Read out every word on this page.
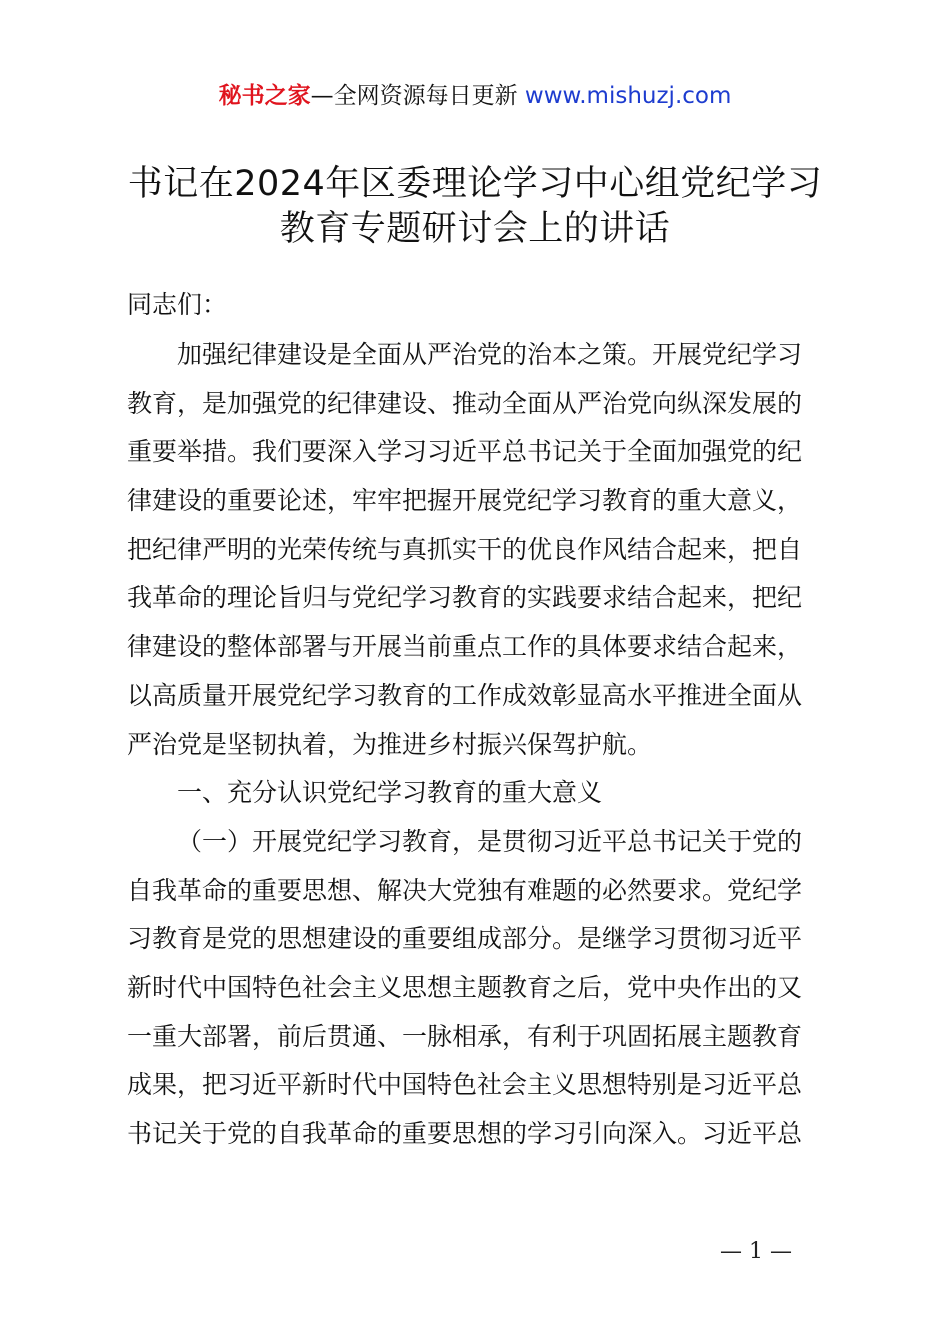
秘书之家—全网资源每日更新 www.mishuzj.com
书记在2024年区委理论学习中心组党纪学习
教育专题研讨会上的讲话
同志们：
加强纪律建设是全面从严治党的治本之策。开展党纪学习
教育，是加强党的纪律建设、推动全面从严治党向纵深发展的
重要举措。我们要深入学习习近平总书记关于全面加强党的纪
律建设的重要论述，牢牢把握开展党纪学习教育的重大意义，
把纪律严明的光荣传统与真抓实干的优良作风结合起来，把自
我革命的理论旨归与党纪学习教育的实践要求结合起来，把纪
律建设的整体部署与开展当前重点工作的具体要求结合起来，
以高质量开展党纪学习教育的工作成效彰显高水平推进全面从
严治党是坚韧执着，为推进乡村振兴保驾护航。
一、充分认识党纪学习教育的重大意义
（一）开展党纪学习教育，是贯彻习近平总书记关于党的
自我革命的重要思想、解决大党独有难题的必然要求。党纪学
习教育是党的思想建设的重要组成部分。是继学习贯彻习近平
新时代中国特色社会主义思想主题教育之后，党中央作出的又
一重大部署，前后贯通、一脉相承，有利于巩固拓展主题教育
成果，把习近平新时代中国特色社会主义思想特别是习近平总
书记关于党的自我革命的重要思想的学习引向深入。习近平总
— 1 —
